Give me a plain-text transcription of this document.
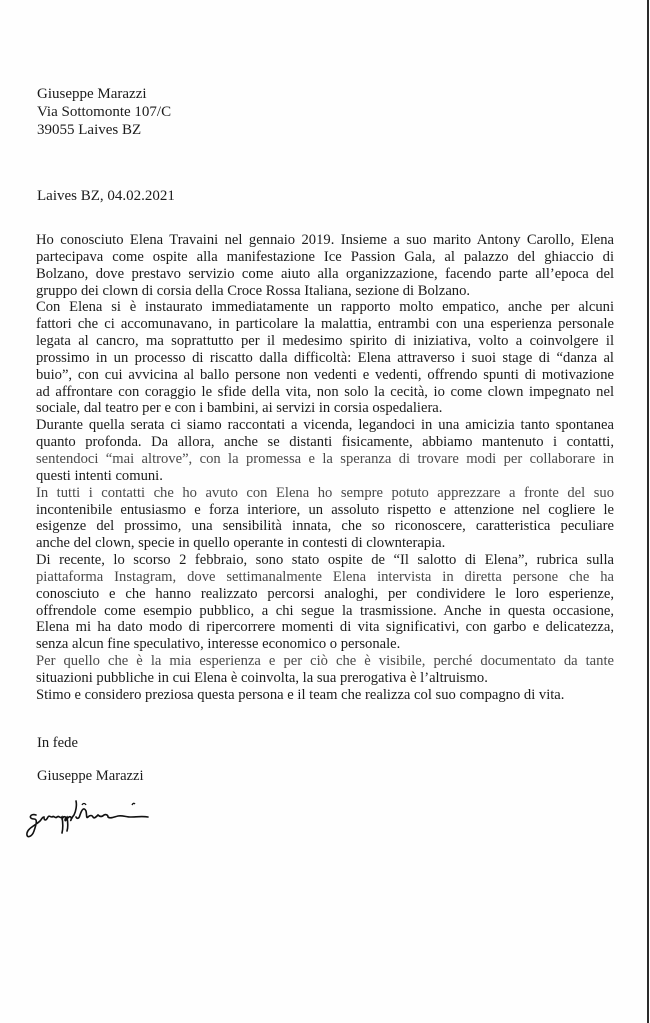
Giuseppe Marazzi
Via Sottomonte 107/C
39055 Laives BZ
Laives BZ, 04.02.2021
Ho conosciuto Elena Travaini nel gennaio 2019. Insieme a suo marito Antony Carollo, Elena
partecipava come ospite alla manifestazione Ice Passion Gala, al palazzo del ghiaccio di
Bolzano, dove prestavo servizio come aiuto alla organizzazione, facendo parte all’epoca del
gruppo dei clown di corsia della Croce Rossa Italiana, sezione di Bolzano.
Con Elena si è instaurato immediatamente un rapporto molto empatico, anche per alcuni
fattori che ci accomunavano, in particolare la malattia, entrambi con una esperienza personale
legata al cancro, ma soprattutto per il medesimo spirito di iniziativa, volto a coinvolgere il
prossimo in un processo di riscatto dalla difficoltà: Elena attraverso i suoi stage di “danza al
buio”, con cui avvicina al ballo persone non vedenti e vedenti, offrendo spunti di motivazione
ad affrontare con coraggio le sfide della vita, non solo la cecità, io come clown impegnato nel
sociale, dal teatro per e con i bambini, ai servizi in corsia ospedaliera.
Durante quella serata ci siamo raccontati a vicenda, legandoci in una amicizia tanto spontanea
quanto profonda. Da allora, anche se distanti fisicamente, abbiamo mantenuto i contatti,
sentendoci “mai altrove”, con la promessa e la speranza di trovare modi per collaborare in
questi intenti comuni.
In tutti i contatti che ho avuto con Elena ho sempre potuto apprezzare a fronte del suo
incontenibile entusiasmo e forza interiore, un assoluto rispetto e attenzione nel cogliere le
esigenze del prossimo, una sensibilità innata, che so riconoscere, caratteristica peculiare
anche del clown, specie in quello operante in contesti di clownterapia.
Di recente, lo scorso 2 febbraio, sono stato ospite de “Il salotto di Elena”, rubrica sulla
piattaforma Instagram, dove settimanalmente Elena intervista in diretta persone che ha
conosciuto e che hanno realizzato percorsi analoghi, per condividere le loro esperienze,
offrendole come esempio pubblico, a chi segue la trasmissione. Anche in questa occasione,
Elena mi ha dato modo di ripercorrere momenti di vita significativi, con garbo e delicatezza,
senza alcun fine speculativo, interesse economico o personale.
Per quello che è la mia esperienza e per ciò che è visibile, perché documentato da tante
situazioni pubbliche in cui Elena è coinvolta, la sua prerogativa è l’altruismo.
Stimo e considero preziosa questa persona e il team che realizza col suo compagno di vita.
In fede
Giuseppe Marazzi
